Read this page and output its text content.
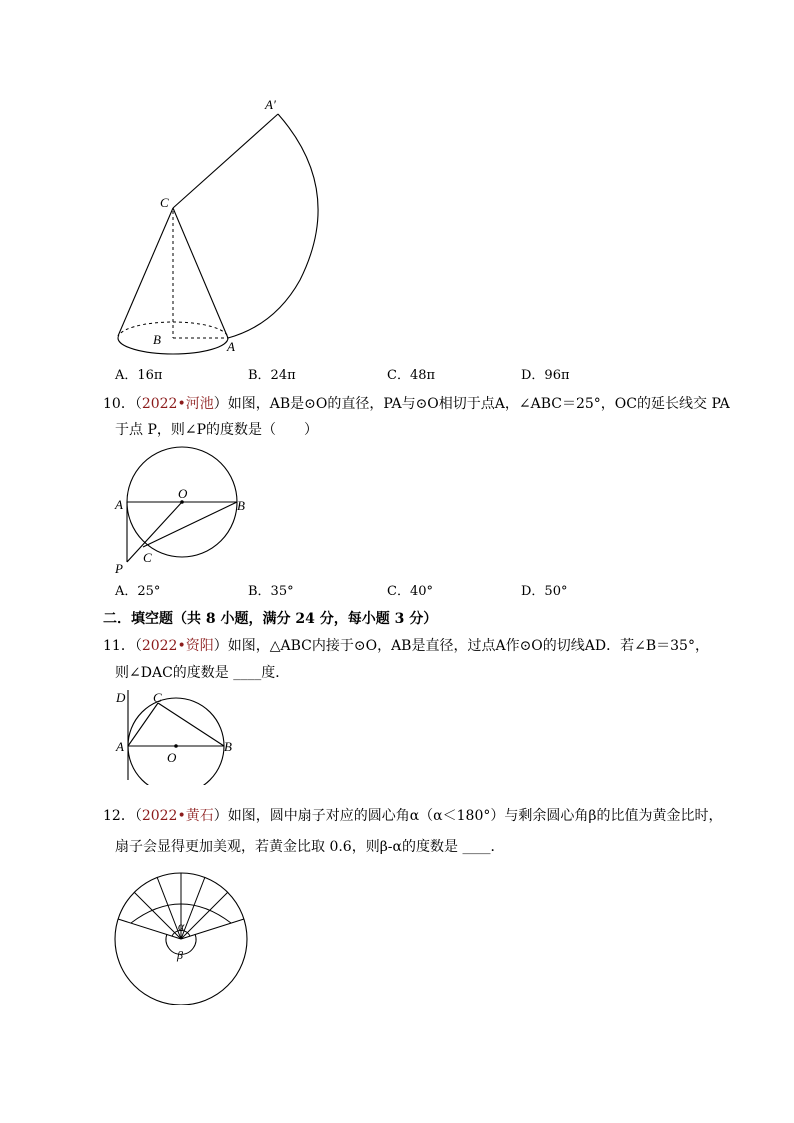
A′
C
B	A
A．16π	B．24π	C．48π	D．96π
10．（2022•河池）如图，AB是⊙O的直径，PA与⊙O相切于点A，∠ABC＝25°，OC的延长线交 PA
于点 P，则∠P的度数是（　　）
A
O
B
C
P
A．25°	B．35°	C．40°	D．50°
二．填空题（共 8 小题，满分 24 分，每小题 3 分）
11．（2022•资阳）如图，△ABC内接于⊙O，AB是直径，过点A作⊙O的切线AD．若∠B＝35°，
则∠DAC的度数是 ____度．
D C
A	B
O
12．（2022•黄石）如图，圆中扇子对应的圆心角α（α＜180°）与剩余圆心角β的比值为黄金比时，
扇子会显得更加美观，若黄金比取 0.6，则β-α的度数是 ____．
α
β
